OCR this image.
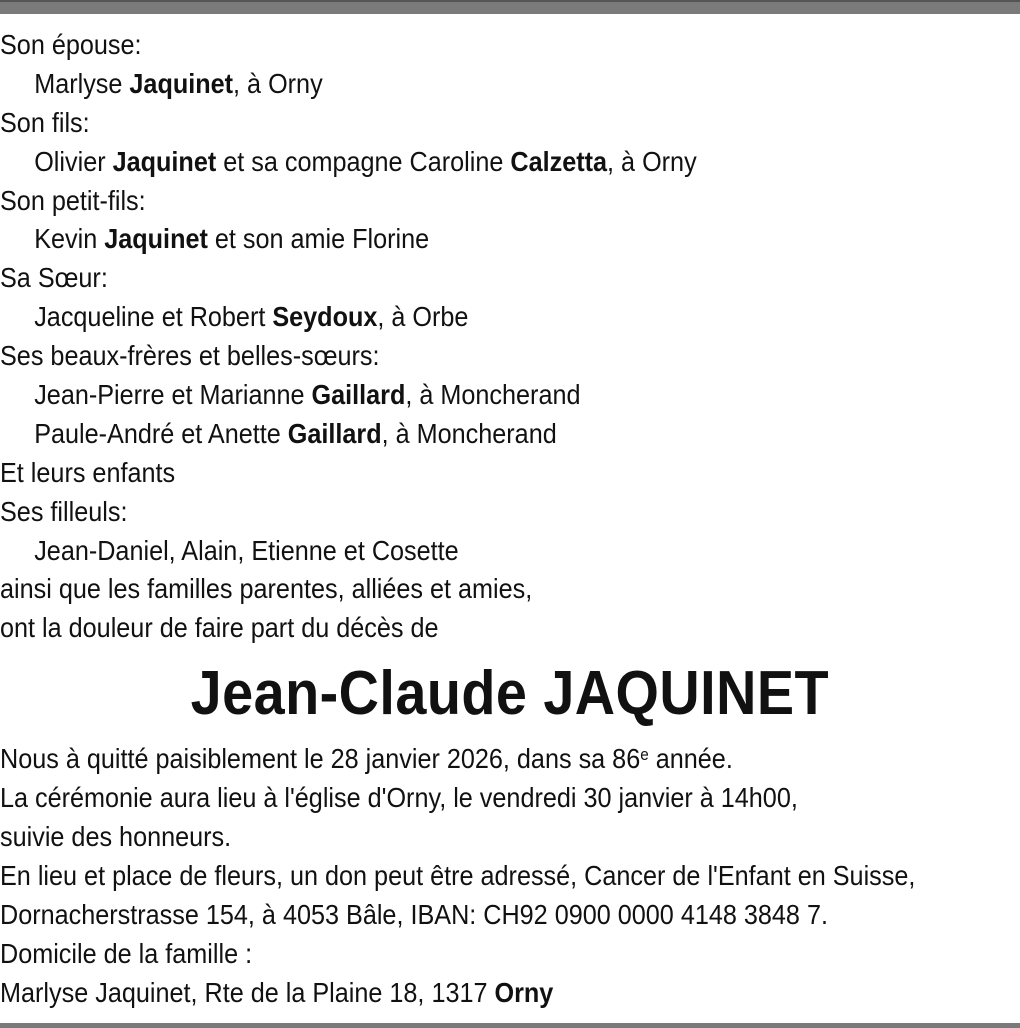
Son épouse:
Marlyse Jaquinet, à Orny
Son fils:
Olivier Jaquinet et sa compagne Caroline Calzetta, à Orny
Son petit-fils:
Kevin Jaquinet et son amie Florine
Sa Sœur:
Jacqueline et Robert Seydoux, à Orbe
Ses beaux-frères et belles-sœurs:
Jean-Pierre et Marianne Gaillard, à Moncherand
Paule-André et Anette Gaillard, à Moncherand
Et leurs enfants
Ses filleuls:
Jean-Daniel, Alain, Etienne et Cosette
ainsi que les familles parentes, alliées et amies,
ont la douleur de faire part du décès de
Jean-Claude JAQUINET
Nous à quitté paisiblement le 28 janvier 2026, dans sa 86e année.
La cérémonie aura lieu à l'église d'Orny, le vendredi 30 janvier à 14h00,
suivie des honneurs.
En lieu et place de fleurs, un don peut être adressé, Cancer de l'Enfant en Suisse,
Dornacherstrasse 154, à 4053 Bâle, IBAN: CH92 0900 0000 4148 3848 7.
Domicile de la famille :
Marlyse Jaquinet, Rte de la Plaine 18, 1317 Orny
